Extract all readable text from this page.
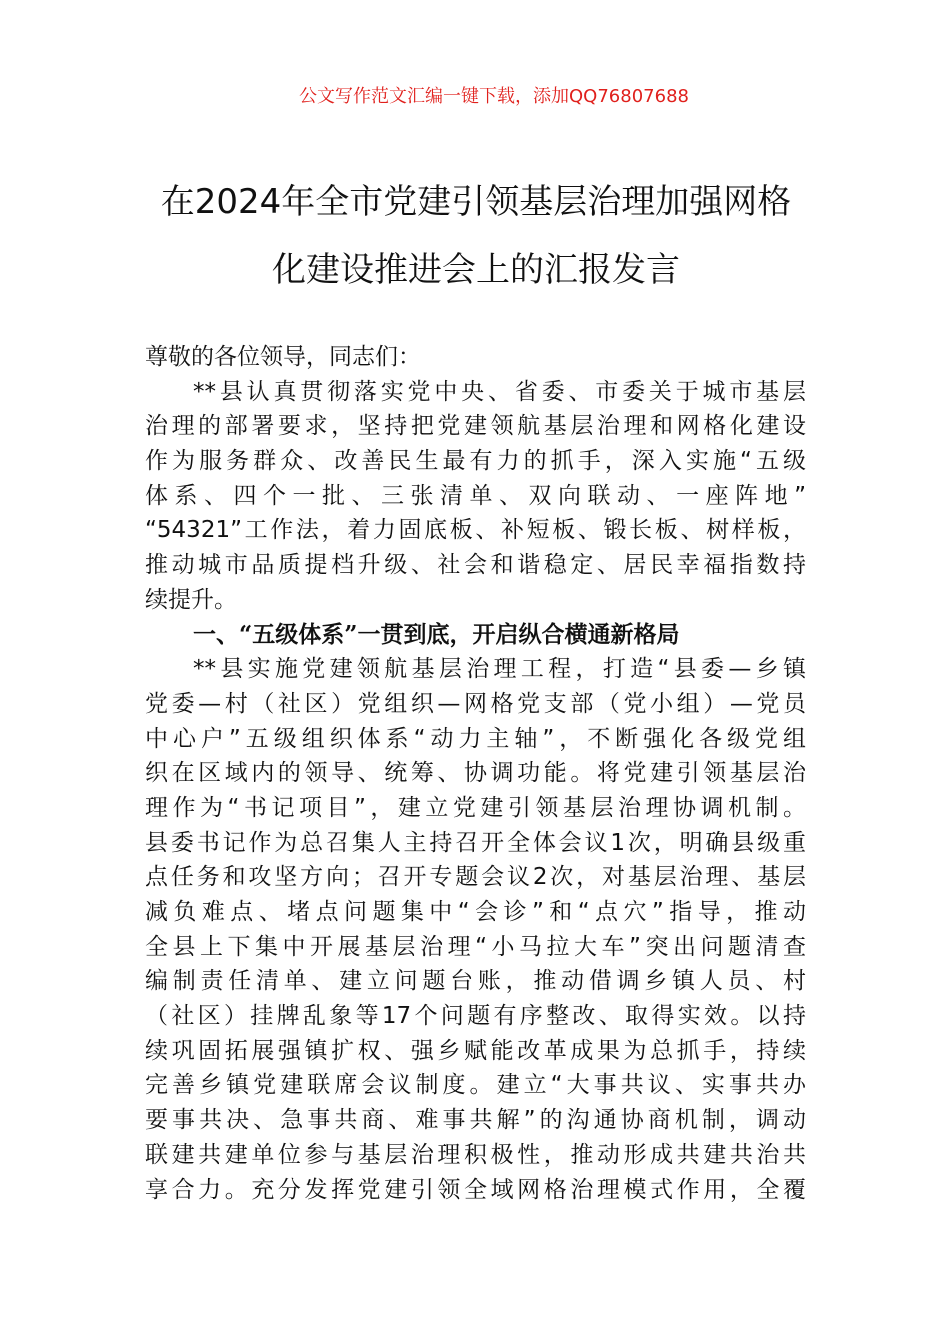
公文写作范文汇编一键下载，添加QQ76807688
在2024年全市党建引领基层治理加强网格
化建设推进会上的汇报发言
尊敬的各位领导，同志们：
**县认真贯彻落实党中央、省委、市委关于城市基层
治理的部署要求，坚持把党建领航基层治理和网格化建设
作为服务群众、改善民生最有力的抓手，深入实施“五级
体系、四个一批、三张清单、双向联动、一座阵地”
“54321”工作法，着力固底板、补短板、锻长板、树样板，
推动城市品质提档升级、社会和谐稳定、居民幸福指数持
续提升。
一、“五级体系”一贯到底，开启纵合横通新格局
**县实施党建领航基层治理工程，打造“县委—乡镇
党委—村（社区）党组织—网格党支部（党小组）—党员
中心户”五级组织体系“动力主轴”，不断强化各级党组
织在区域内的领导、统筹、协调功能。将党建引领基层治
理作为“书记项目”，建立党建引领基层治理协调机制。
县委书记作为总召集人主持召开全体会议1次，明确县级重
点任务和攻坚方向；召开专题会议2次，对基层治理、基层
减负难点、堵点问题集中“会诊”和“点穴”指导，推动
全县上下集中开展基层治理“小马拉大车”突出问题清查
编制责任清单、建立问题台账，推动借调乡镇人员、村
（社区）挂牌乱象等17个问题有序整改、取得实效。以持
续巩固拓展强镇扩权、强乡赋能改革成果为总抓手，持续
完善乡镇党建联席会议制度。建立“大事共议、实事共办
要事共决、急事共商、难事共解”的沟通协商机制，调动
联建共建单位参与基层治理积极性，推动形成共建共治共
享合力。充分发挥党建引领全域网格治理模式作用，全覆
